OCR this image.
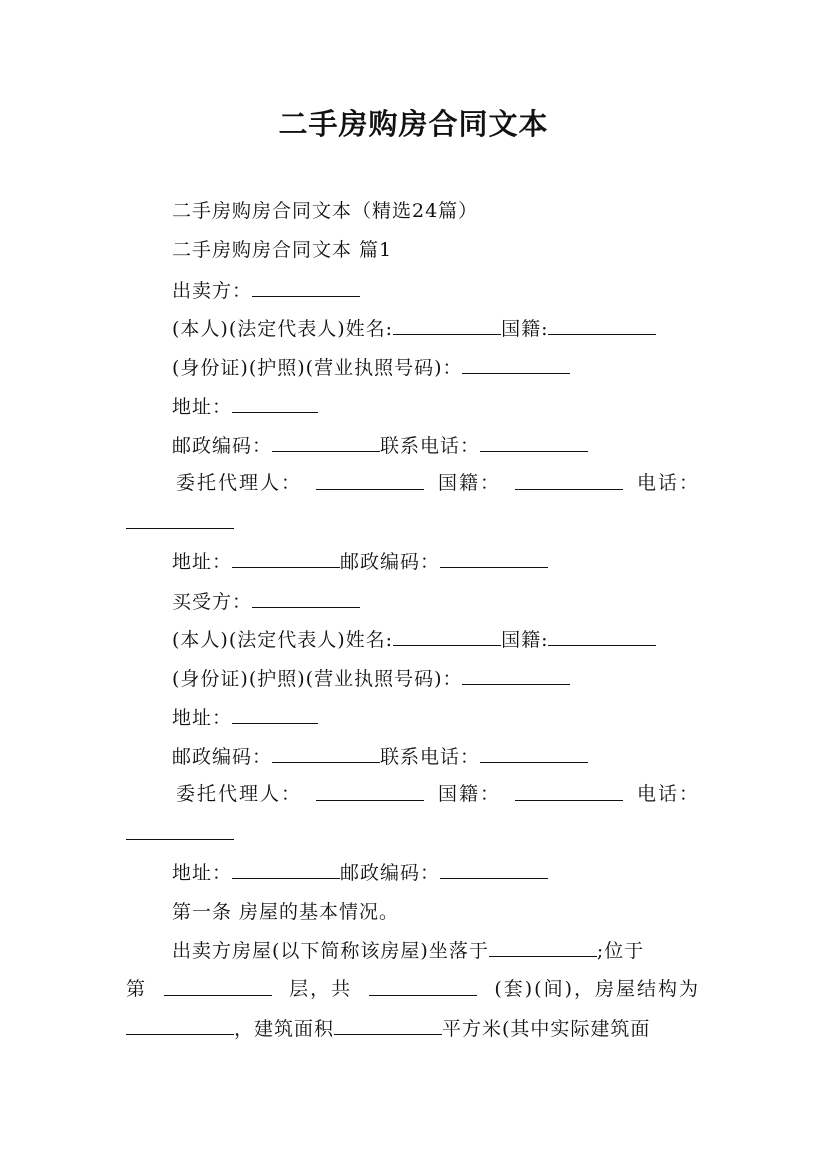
二手房购房合同文本
二手房购房合同文本（精选24篇）
二手房购房合同文本 篇1
出卖方：
(本人)(法定代表人)姓名:	国籍:
(身份证)(护照)(营业执照号码)：
地址：
邮政编码：	联系电话：
委托代理人：	国籍：	电话：
地址：	邮政编码：
买受方：
(本人)(法定代表人)姓名:	国籍:
(身份证)(护照)(营业执照号码)：
地址：
邮政编码：	联系电话：
委托代理人：	国籍：	电话：
地址：	邮政编码：
第一条 房屋的基本情况。
出卖方房屋(以下简称该房屋)坐落于	;位于
第	层，共	(套)(间)，房屋结构为
，建筑面积	平方米(其中实际建筑面
